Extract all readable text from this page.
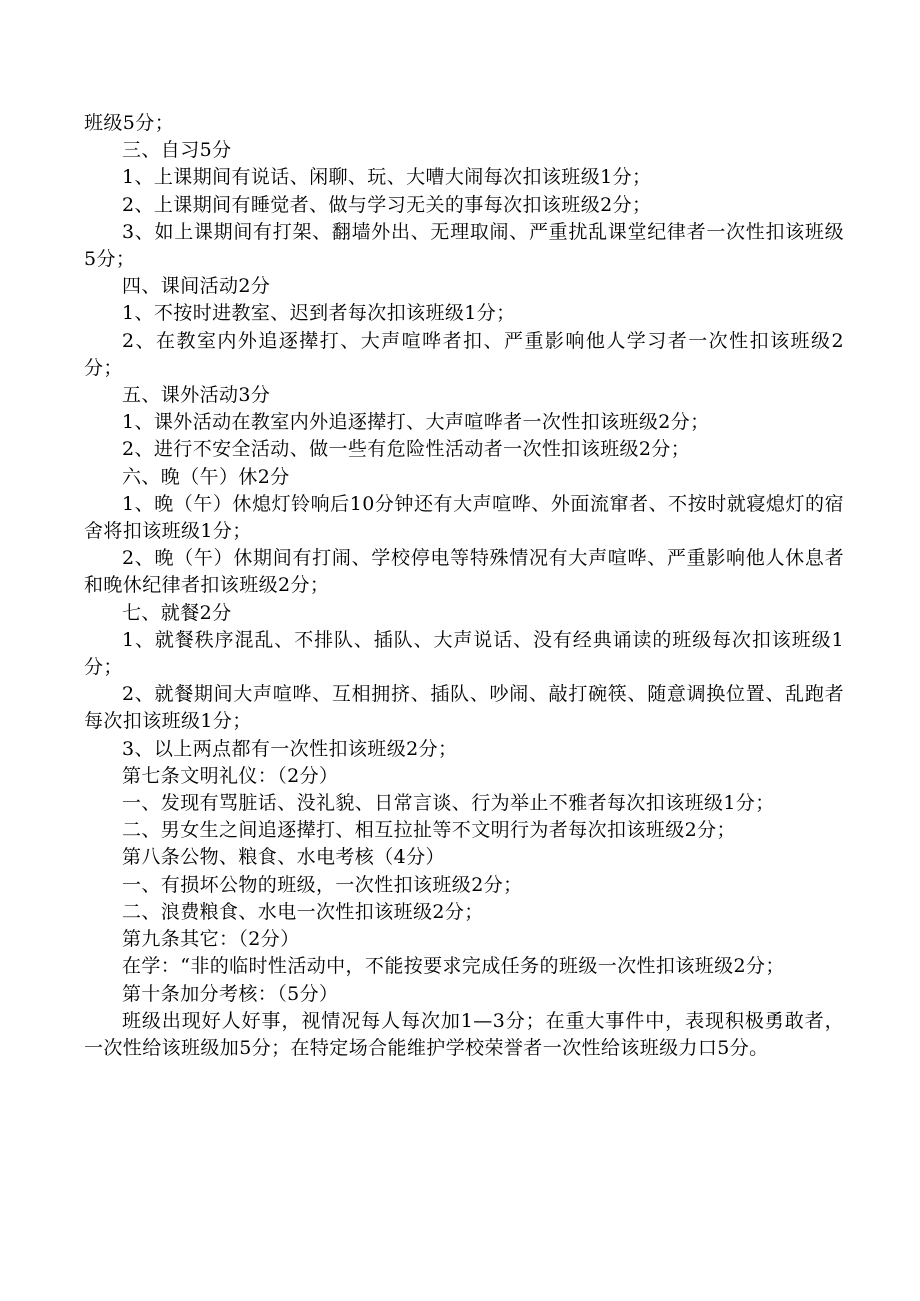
班级5分；

三、自习5分

1、上课期间有说话、闲聊、玩、大嘈大闹每次扣该班级1分；

2、上课期间有睡觉者、做与学习无关的事每次扣该班级2分；

3、如上课期间有打架、翻墙外出、无理取闹、严重扰乱课堂纪律者一次性扣该班级5分；

四、课间活动2分

1、不按时进教室、迟到者每次扣该班级1分；

2、在教室内外追逐撵打、大声喧哗者扣、严重影响他人学习者一次性扣该班级2分；

五、课外活动3分

1、课外活动在教室内外追逐撵打、大声喧哗者一次性扣该班级2分；

2、进行不安全活动、做一些有危险性活动者一次性扣该班级2分；

六、晚（午）休2分

1、晚（午）休熄灯铃响后10分钟还有大声喧哗、外面流窜者、不按时就寝熄灯的宿舍将扣该班级1分；

2、晚（午）休期间有打闹、学校停电等特殊情况有大声喧哗、严重影响他人休息者和晚休纪律者扣该班级2分；

七、就餐2分

1、就餐秩序混乱、不排队、插队、大声说话、没有经典诵读的班级每次扣该班级1分；

2、就餐期间大声喧哗、互相拥挤、插队、吵闹、敲打碗筷、随意调换位置、乱跑者每次扣该班级1分；

3、以上两点都有一次性扣该班级2分；

第七条文明礼仪：（2分）

一、发现有骂脏话、没礼貌、日常言谈、行为举止不雅者每次扣该班级1分；

二、男女生之间追逐撵打、相互拉扯等不文明行为者每次扣该班级2分；

第八条公物、粮食、水电考核（4分）

一、有损坏公物的班级，一次性扣该班级2分；

二、浪费粮食、水电一次性扣该班级2分；

第九条其它：（2分）

在学：“非的临时性活动中，不能按要求完成任务的班级一次性扣该班级2分；

第十条加分考核：（5分）

班级出现好人好事，视情况每人每次加1—3分；在重大事件中，表现积极勇敢者，一次性给该班级加5分；在特定场合能维护学校荣誉者一次性给该班级力口5分。
